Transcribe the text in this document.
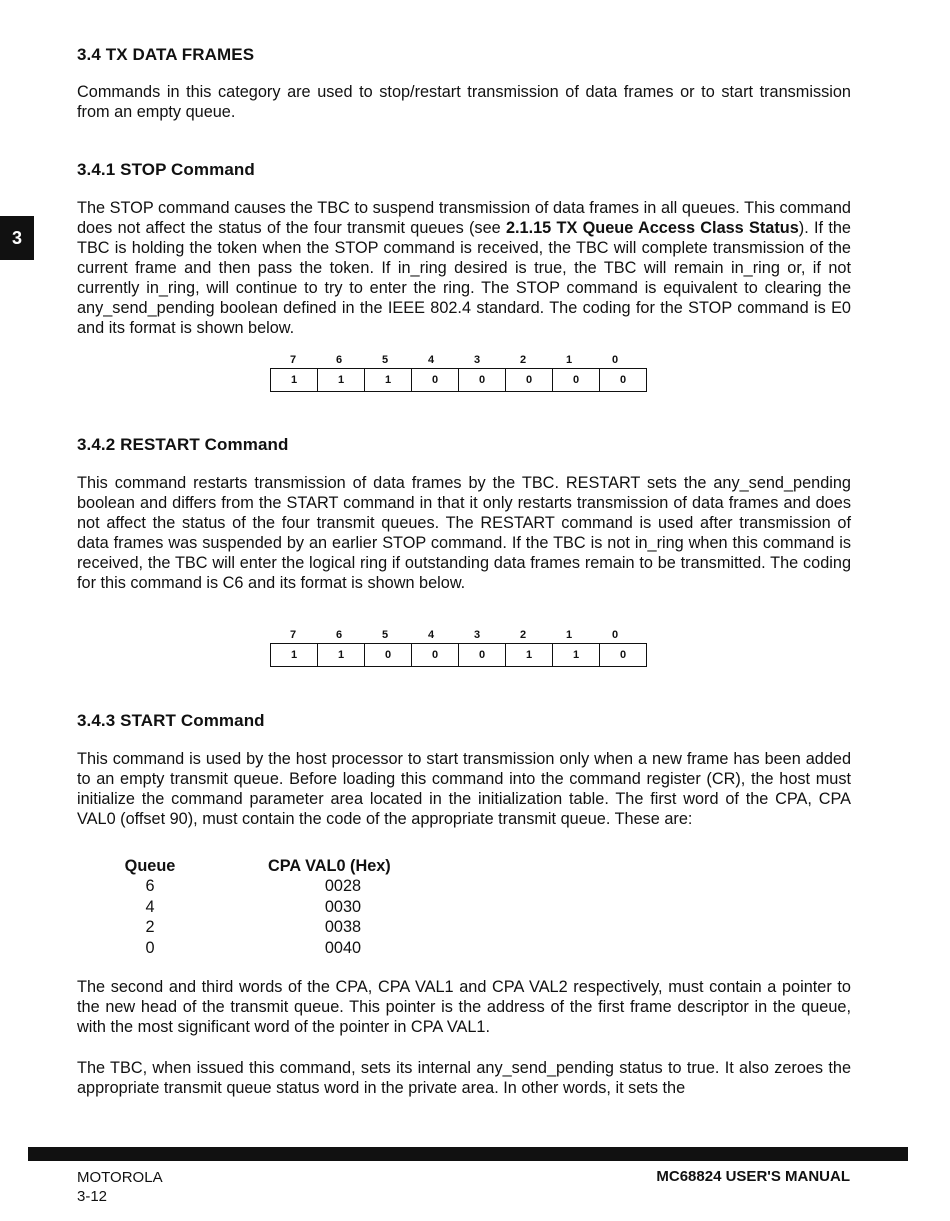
3
3.4 TX DATA FRAMES

Commands in this category are used to stop/restart transmission of data frames or to start transmission from an empty queue.

3.4.1 STOP Command

The STOP command causes the TBC to suspend transmission of data frames in all queues. This command does not affect the status of the four transmit queues (see 2.1.15 TX Queue Access Class Status). If the TBC is holding the token when the STOP command is received, the TBC will complete transmission of the current frame and then pass the token. If in_ring desired is true, the TBC will remain in_ring or, if not currently in_ring, will continue to try to enter the ring. The STOP command is equivalent to clearing the any_send_pending boolean defined in the IEEE 802.4 standard. The coding for the STOP command is E0 and its format is shown below.

7	6	5	4	3	2	1	0
1	1	1	0	0	0	0	0
3.4.2 RESTART Command

This command restarts transmission of data frames by the TBC. RESTART sets the any_send_pending boolean and differs from the START command in that it only restarts transmission of data frames and does not affect the status of the four transmit queues. The RESTART command is used after transmission of data frames was suspended by an earlier STOP command. If the TBC is not in_ring when this command is received, the TBC will enter the logical ring if outstanding data frames remain to be transmitted. The coding for this command is C6 and its format is shown below.

7	6	5	4	3	2	1	0
1	1	0	0	0	1	1	0
3.4.3 START Command

This command is used by the host processor to start transmission only when a new frame has been added to an empty transmit queue. Before loading this command into the command register (CR), the host must initialize the command parameter area located in the initialization table. The first word of the CPA, CPA VAL0 (offset 90), must contain the code of the appropriate transmit queue. These are:

Queue	CPA VAL0 (Hex)
6	0028
4	0030
2	0038
0	0040

The second and third words of the CPA, CPA VAL1 and CPA VAL2 respectively, must contain a pointer to the new head of the transmit queue. This pointer is the address of the first frame descriptor in the queue, with the most significant word of the pointer in CPA VAL1.

The TBC, when issued this command, sets its internal any_send_pending status to true. It also zeroes the appropriate transmit queue status word in the private area. In other words, it sets the

MOTOROLA
3-12
MC68824 USER'S MANUAL
